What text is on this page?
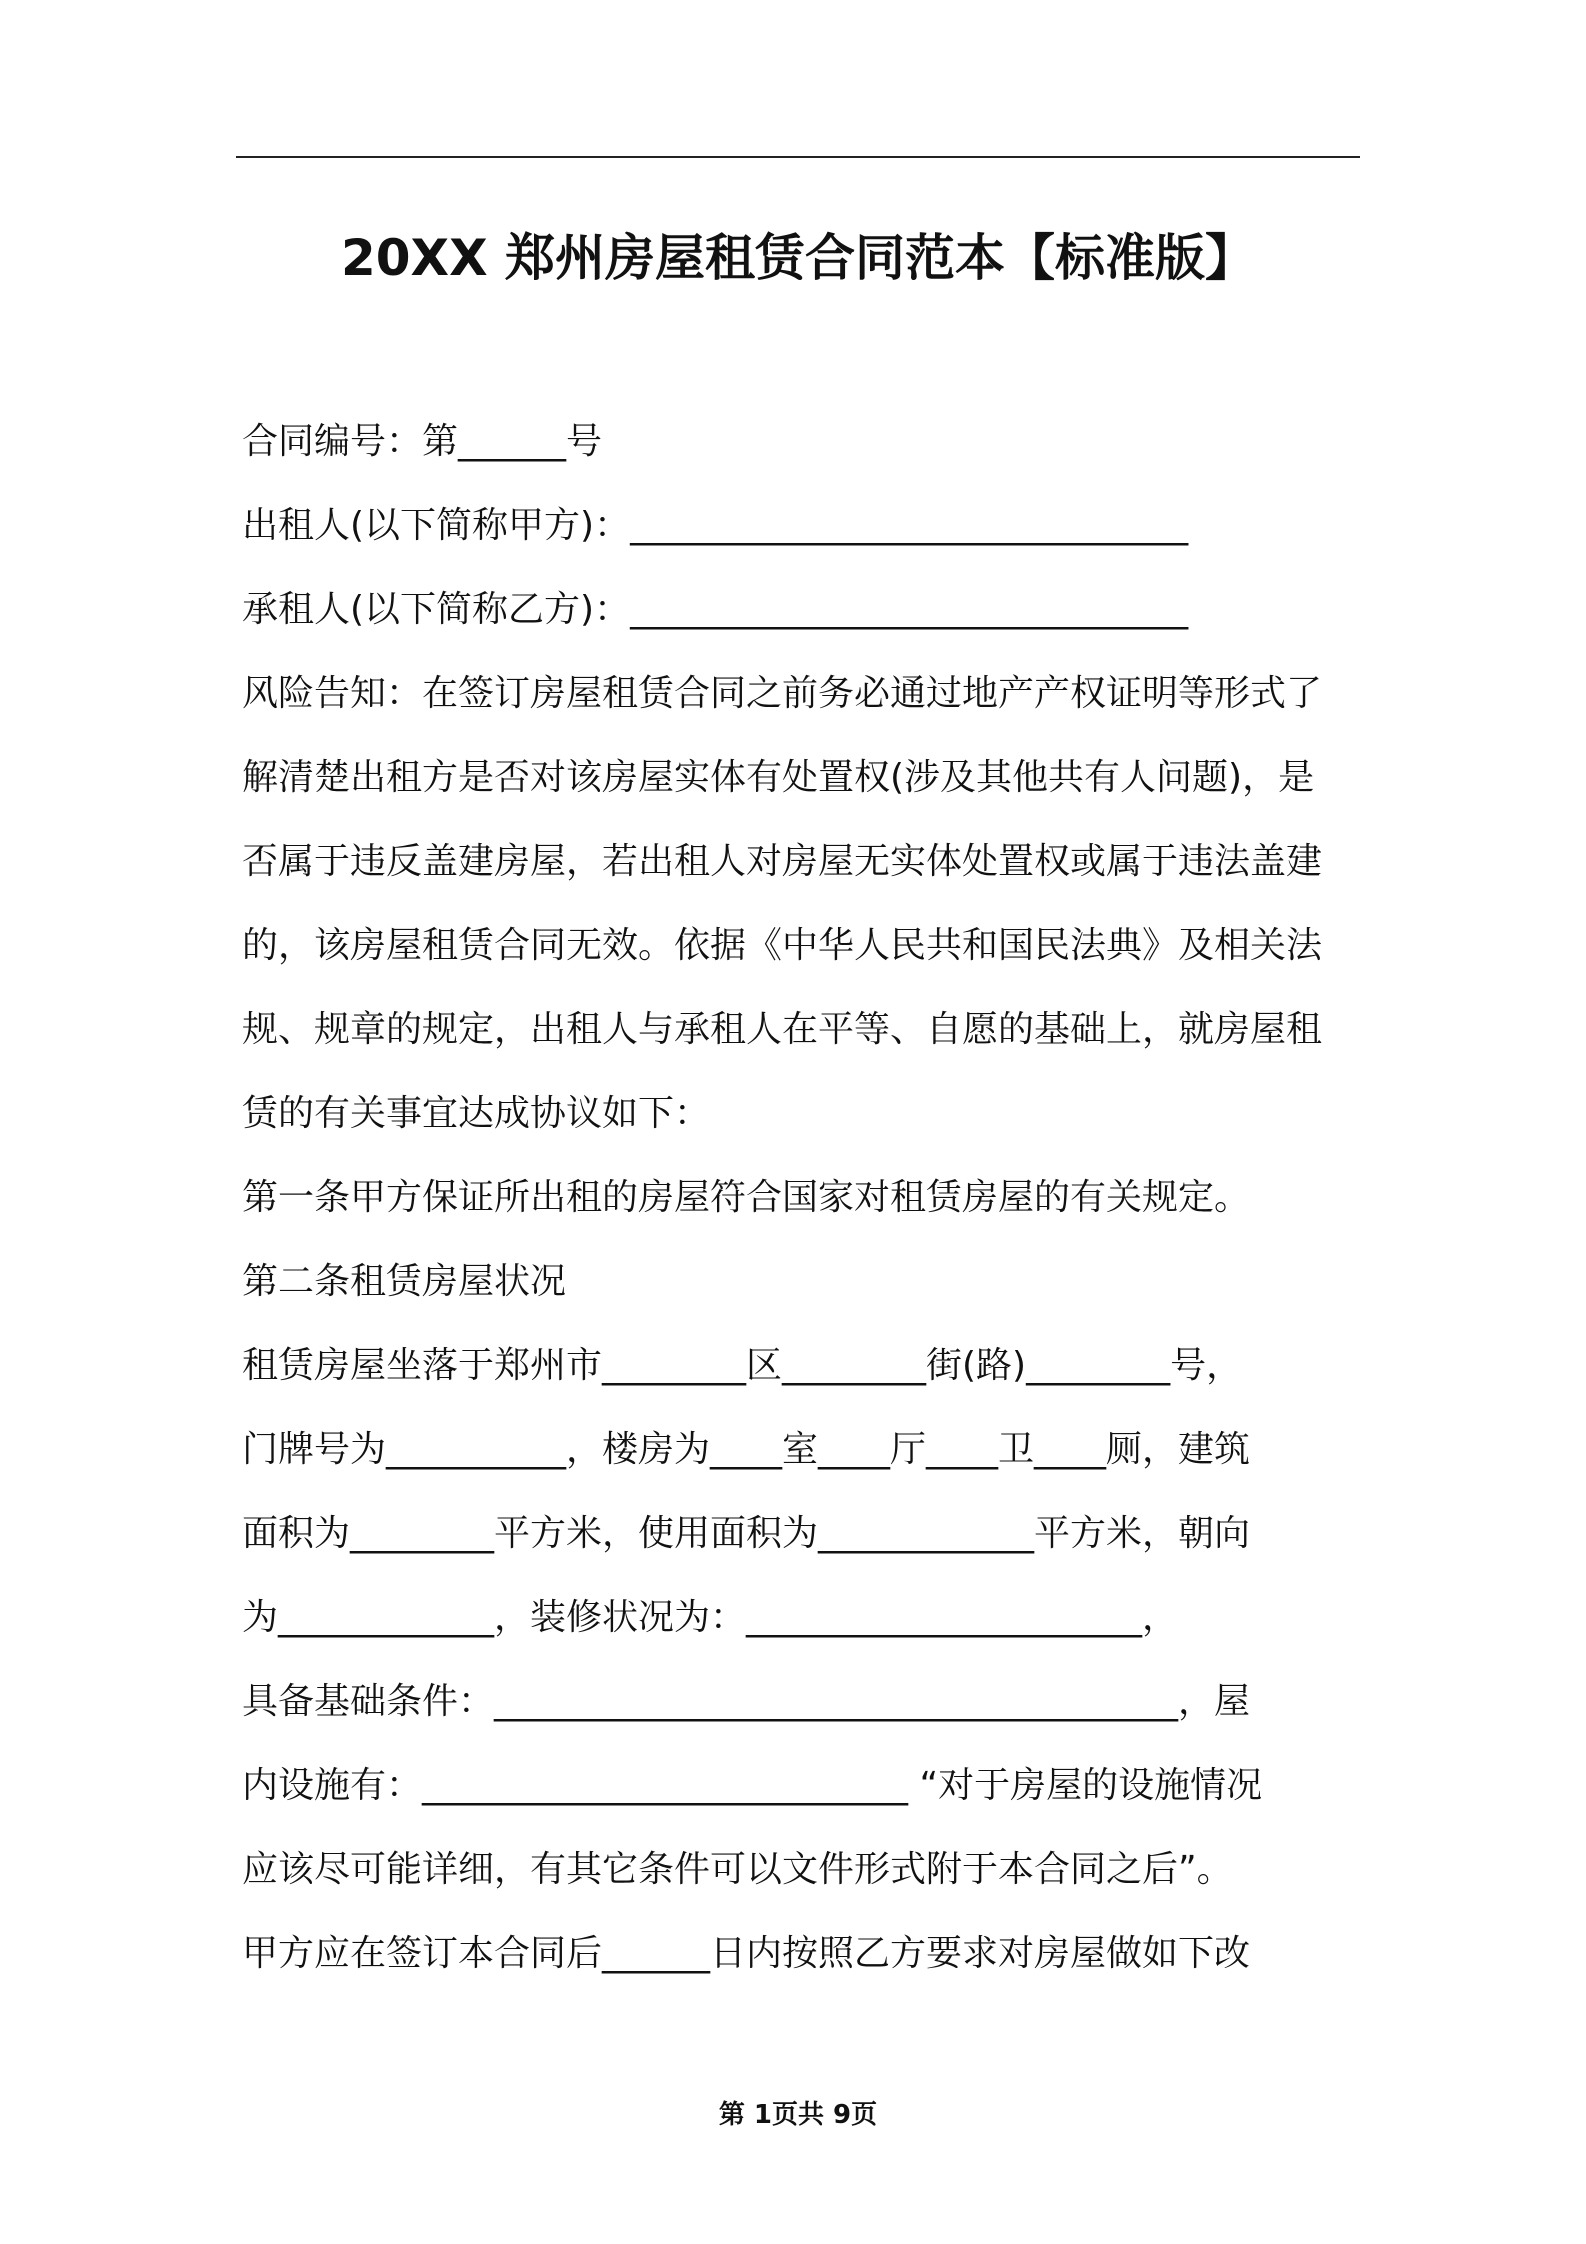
20XX 郑州房屋租赁合同范本【标准版】
合同编号：第______号
出租人(以下简称甲方)：_______________________________
承租人(以下简称乙方)：_______________________________
风险告知：在签订房屋租赁合同之前务必通过地产产权证明等形式了
解清楚出租方是否对该房屋实体有处置权(涉及其他共有人问题)，是
否属于违反盖建房屋，若出租人对房屋无实体处置权或属于违法盖建
的，该房屋租赁合同无效。依据《中华人民共和国民法典》及相关法
规、规章的规定，出租人与承租人在平等、自愿的基础上，就房屋租
赁的有关事宜达成协议如下：
第一条甲方保证所出租的房屋符合国家对租赁房屋的有关规定。
第二条租赁房屋状况
租赁房屋坐落于郑州市________区________街(路)________号，
门牌号为__________，楼房为____室____厅____卫____厕，建筑
面积为________平方米，使用面积为____________平方米，朝向
为____________，装修状况为：______________________，
具备基础条件：______________________________________，屋
内设施有：___________________________ “对于房屋的设施情况
应该尽可能详细，有其它条件可以文件形式附于本合同之后”。
甲方应在签订本合同后______日内按照乙方要求对房屋做如下改
第 1页共 9页
